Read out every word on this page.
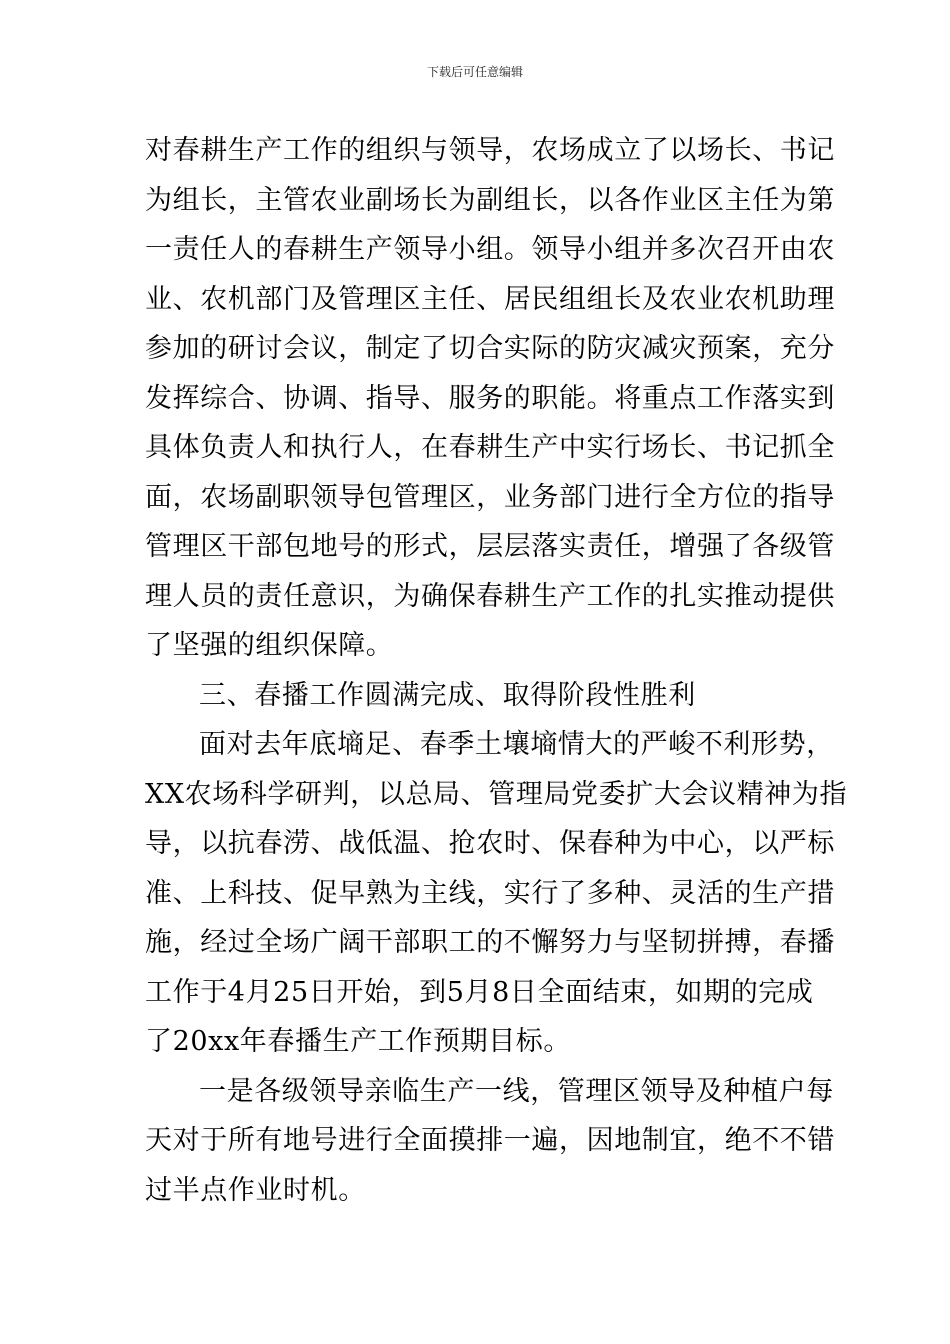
下载后可任意编辑
对春耕生产工作的组织与领导，农场成立了以场长、书记
为组长，主管农业副场长为副组长，以各作业区主任为第
一责任人的春耕生产领导小组。领导小组并多次召开由农
业、农机部门及管理区主任、居民组组长及农业农机助理
参加的研讨会议，制定了切合实际的防灾减灾预案，充分
发挥综合、协调、指导、服务的职能。将重点工作落实到
具体负责人和执行人，在春耕生产中实行场长、书记抓全
面，农场副职领导包管理区，业务部门进行全方位的指导
管理区干部包地号的形式，层层落实责任，增强了各级管
理人员的责任意识，为确保春耕生产工作的扎实推动提供
了坚强的组织保障。
三、春播工作圆满完成、取得阶段性胜利
面对去年底墒足、春季土壤墒情大的严峻不利形势，
XX农场科学研判，以总局、管理局党委扩大会议精神为指
导，以抗春涝、战低温、抢农时、保春种为中心，以严标
准、上科技、促早熟为主线，实行了多种、灵活的生产措
施，经过全场广阔干部职工的不懈努力与坚韧拼搏，春播
工作于4月25日开始，到5月8日全面结束，如期的完成
了20xx年春播生产工作预期目标。
一是各级领导亲临生产一线，管理区领导及种植户每
天对于所有地号进行全面摸排一遍，因地制宜，绝不不错
过半点作业时机。
